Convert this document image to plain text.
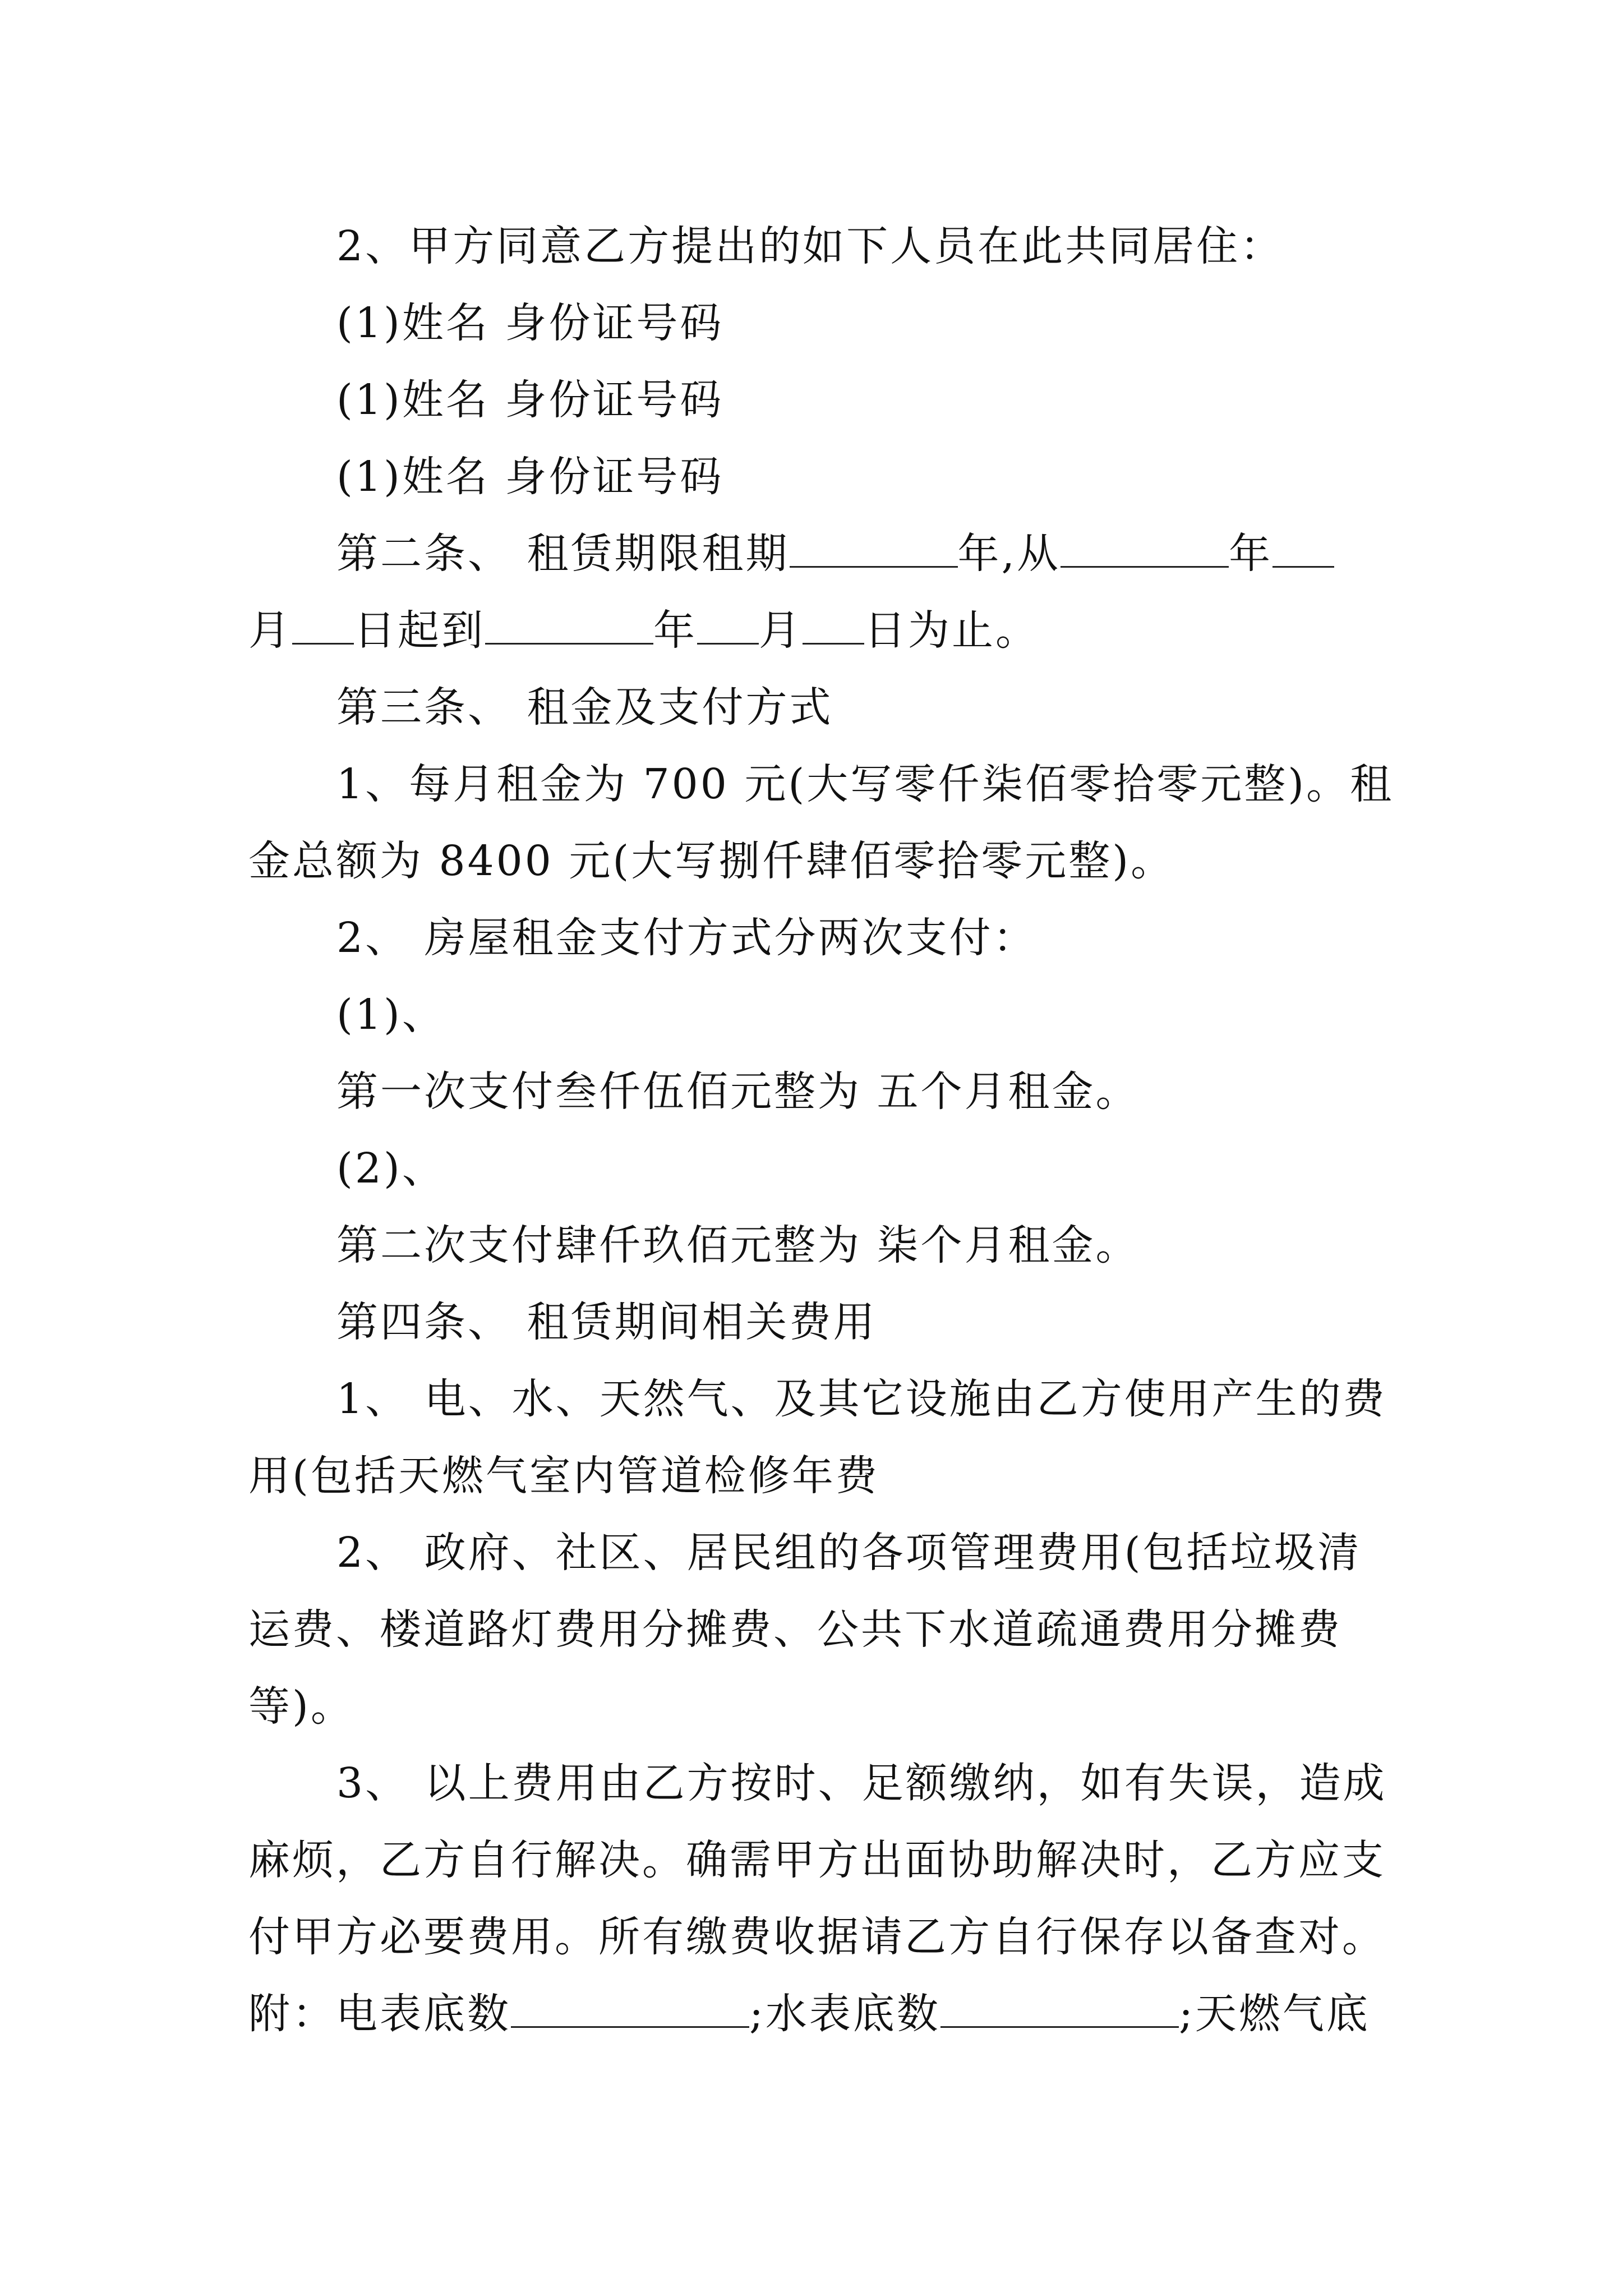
2、甲方同意乙方提出的如下人员在此共同居住：

(1)姓名 身份证号码

(1)姓名 身份证号码

(1)姓名 身份证号码

第二条、 租赁期限租期	年,从	年

月 日起到	年 月 日为止。

第三条、 租金及支付方式

1、每月租金为 700 元(大写零仟柒佰零拾零元整)。租

金总额为 8400 元(大写捌仟肆佰零拾零元整)。

2、 房屋租金支付方式分两次支付：

(1)、

第一次支付叁仟伍佰元整为 五个月租金。

(2)、

第二次支付肆仟玖佰元整为 柒个月租金。

第四条、 租赁期间相关费用

1、 电、水、天然气、及其它设施由乙方使用产生的费

用(包括天燃气室内管道检修年费

2、 政府、社区、居民组的各项管理费用(包括垃圾清

运费、楼道路灯费用分摊费、公共下水道疏通费用分摊费

等)。

3、 以上费用由乙方按时、足额缴纳，如有失误，造成

麻烦，乙方自行解决。确需甲方出面协助解决时，乙方应支

付甲方必要费用。所有缴费收据请乙方自行保存以备查对。

附：电表底数	;水表底数	;天燃气底
